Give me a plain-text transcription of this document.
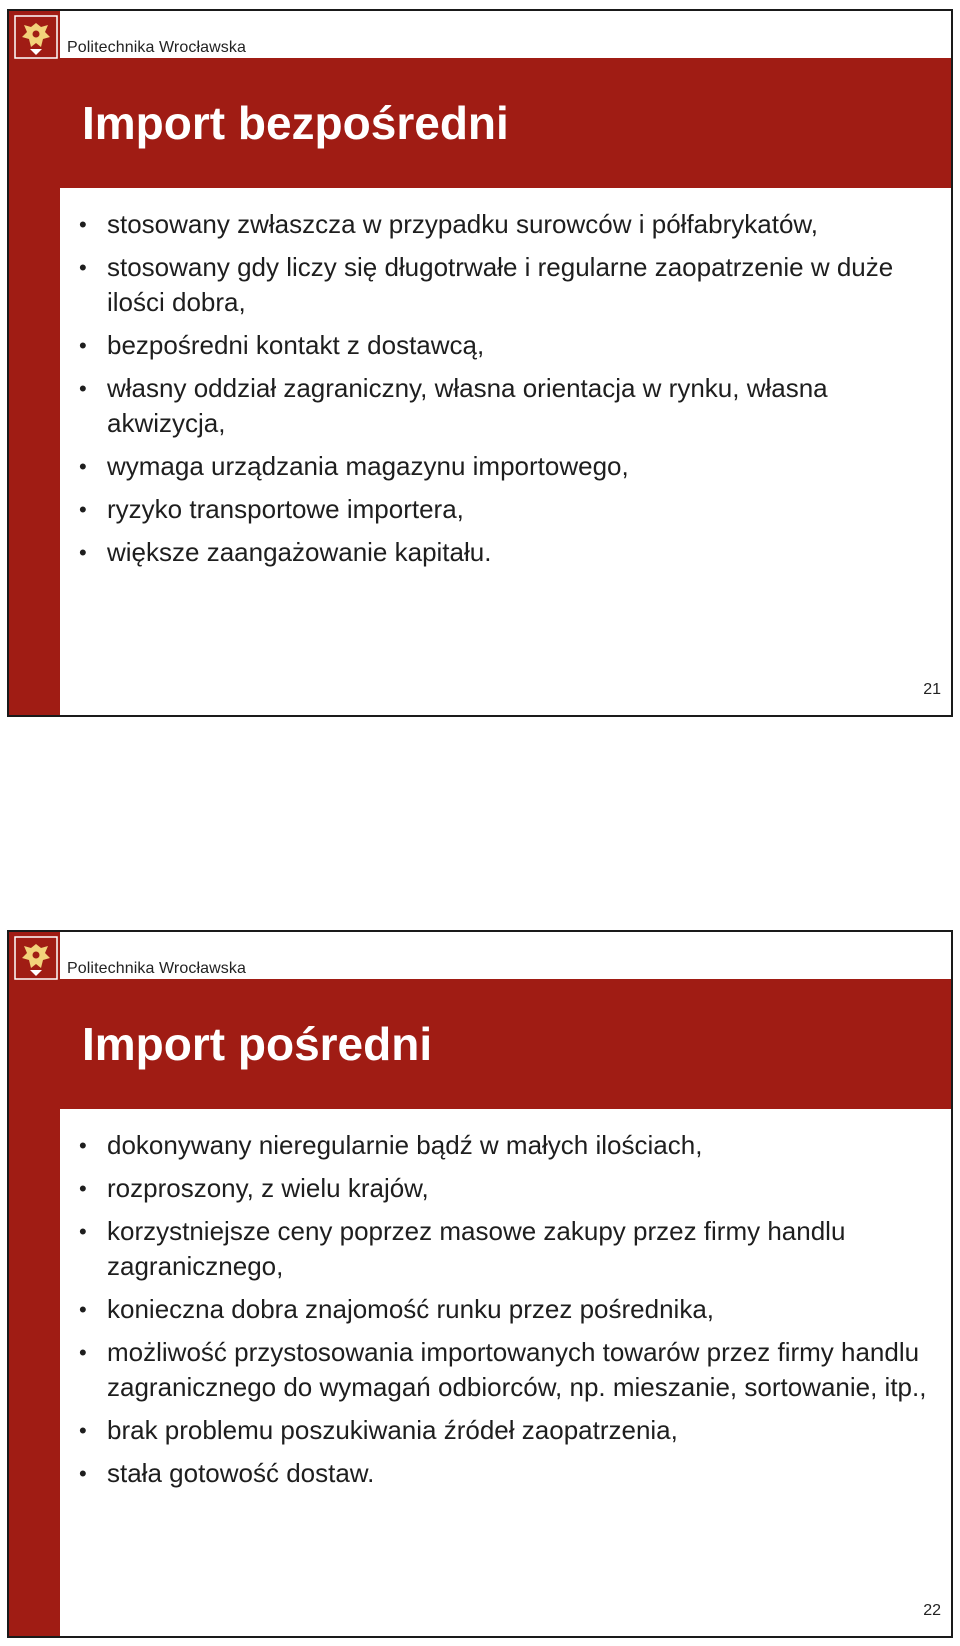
Politechnika Wrocławska
Import bezpośredni
• stosowany zwłaszcza w przypadku surowców i półfabrykatów,
• stosowany gdy liczy się długotrwałe i regularne zaopatrzenie w duże ilości dobra,
• bezpośredni kontakt z dostawcą,
• własny oddział zagraniczny, własna orientacja w rynku, własna akwizycja,
• wymaga urządzania magazynu importowego,
• ryzyko transportowe importera,
• większe zaangażowanie kapitału.
21
Politechnika Wrocławska
Import pośredni
• dokonywany nieregularnie bądź w małych ilościach,
• rozproszony, z wielu krajów,
• korzystniejsze ceny poprzez masowe zakupy przez firmy handlu zagranicznego,
• konieczna dobra znajomość runku przez pośrednika,
• możliwość przystosowania importowanych towarów przez firmy handlu zagranicznego do wymagań odbiorców, np. mieszanie, sortowanie, itp.,
• brak problemu poszukiwania źródeł zaopatrzenia,
• stała gotowość dostaw.
22
